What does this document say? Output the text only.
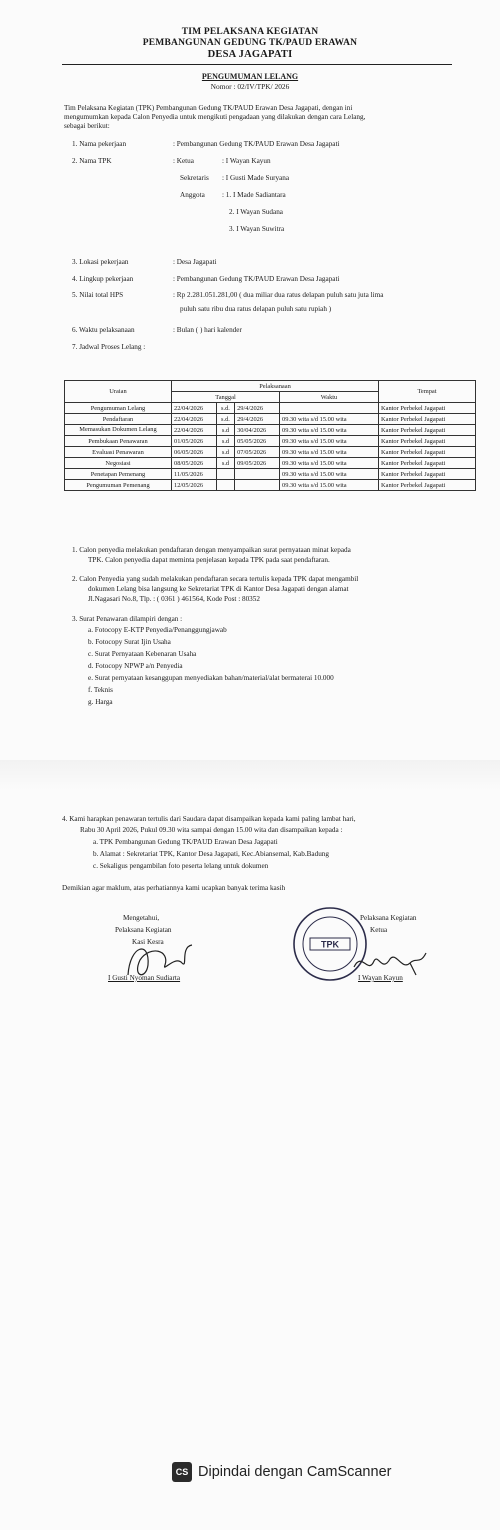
TIM PELAKSANA KEGIATAN
PEMBANGUNAN GEDUNG TK/PAUD ERAWAN
DESA JAGAPATI
PENGUMUMAN LELANG
Nomor : 02/IV/TPK/ 2026
Tim Pelaksana Kegiatan (TPK) Pembangunan Gedung TK/PAUD Erawan Desa Jagapati, dengan ini
mengumumkan kepada Calon Penyedia untuk mengikuti pengadaan yang dilakukan dengan cara Lelang,
sebagai berikut:
1. Nama pekerjaan	: Pembangunan Gedung TK/PAUD Erawan Desa Jagapati
2. Nama TPK	: Ketua	: I Wayan Kayun
Sekretaris : I Gusti Made Suryana
Anggota : 1. I Made Sadiantara
2. I Wayan Sudana
3. I Wayan Suwitra
3. Lokasi pekerjaan	: Desa Jagapati
4. Lingkup pekerjaan	: Pembangunan Gedung TK/PAUD Erawan Desa Jagapati
5. Nilai total HPS	: Rp 2.281.051.281,00 ( dua miliar dua ratus delapan puluh satu juta lima
puluh satu ribu dua ratus delapan puluh satu rupiah )
6. Waktu pelaksanaan	: Bulan ( ) hari kalender
7. Jadwal Proses Lelang :
Uraian	Pelaksanaan				Tempat
	Tanggal			Waktu	
Pengumuman Lelang	22/04/2026	s.d.	29/4/2026		Kantor Perbekel Jagapati
Pendaftaran	22/04/2026	s.d.	29/4/2026	09.30 wita s/d 15.00 wita	Kantor Perbekel Jagapati
Memasukan Dokumen Lelang	22/04/2026	s.d	30/04/2026	09.30 wita s/d 15.00 wita	Kantor Perbekel Jagapati
Pembukaan Penawaran	01/05/2026	s.d	05/05/2026	09.30 wita s/d 15.00 wita	Kantor Perbekel Jagapati
Evaluasi Penawaran	06/05/2026	s.d	07/05/2026	09.30 wita s/d 15.00 wita	Kantor Perbekel Jagapati
Negosiasi	08/05/2026	s.d	09/05/2026	09.30 wita s/d 15.00 wita	Kantor Perbekel Jagapati
Penetapan Pemenang	11/05/2026			09.30 wita s/d 15.00 wita	Kantor Perbekel Jagapati
Pengumuman Pemenang	12/05/2026			09.30 wita s/d 15.00 wita	Kantor Perbekel Jagapati
1. Calon penyedia melakukan pendaftaran dengan menyampaikan surat pernyataan minat kepada
TPK. Calon penyedia dapat meminta penjelasan kepada TPK pada saat pendaftaran.
2. Calon Penyedia yang sudah melakukan pendaftaran secara tertulis kepada TPK dapat mengambil
dokumen Lelang bisa langsung ke Sekretariat TPK di Kantor Desa Jagapati dengan alamat
Jl.Nagasari No.8, Tlp. : ( 0361 ) 461564, Kode Post : 80352
3. Surat Penawaran dilampiri dengan :
a. Fotocopy E-KTP Penyedia/Penanggungjawab
b. Fotocopy Surat Ijin Usaha
c. Surat Pernyataan Kebenaran Usaha
d. Fotocopy NPWP a/n Penyedia
e. Surat pernyataan kesanggupan menyediakan bahan/material/alat bermaterai 10.000
f. Teknis
g. Harga
4. Kami harapkan penawaran tertulis dari Saudara dapat disampaikan kepada kami paling lambat hari,
Rabu 30 April 2026, Pukul 09.30 wita sampai dengan 15.00 wita dan disampaikan kepada :
a. TPK Pembangunan Gedung TK/PAUD Erawan Desa Jagapati
b. Alamat : Sekretariat TPK, Kantor Desa Jagapati, Kec.Abiansemal, Kab.Badung
c. Sekaligus pengambilan foto peserta lelang untuk dokumen
Demikian agar maklum, atas perhatiannya kami ucapkan banyak terima kasih
Mengetahui,
Pelaksana Kegiatan
Kasi Kesra
I Gusti Nyoman Sudiarta
Pelaksana Kegiatan
Ketua
I Wayan Kayun
TPK
CS Dipindai dengan CamScanner
